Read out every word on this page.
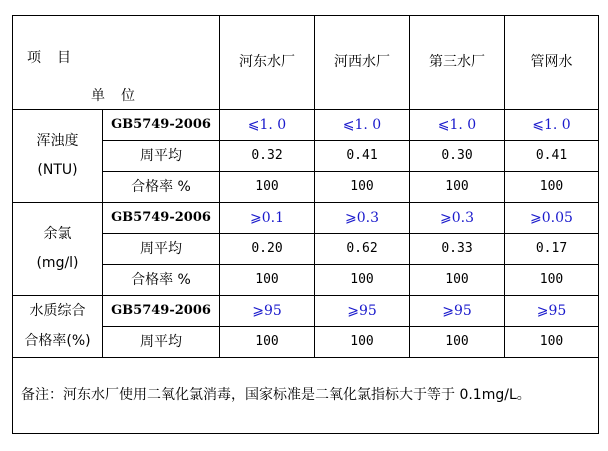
项　目
单　位		河东水厂	河西水厂	第三水厂	管网水
浑浊度
(NTU)	GB5749-2006	⩽1. 0	⩽1. 0	⩽1. 0	⩽1. 0
	周平均	0.32	0.41	0.30	0.41
	合格率 %	100	100	100	100
余氯
(mg/l)	GB5749-2006	⩾0.1	⩾0.3	⩾0.3	⩾0.05
	周平均	0.20	0.62	0.33	0.17
	合格率 %	100	100	100	100
水质综合
合格率(%)	GB5749-2006	⩾95	⩾95	⩾95	⩾95
	周平均	100	100	100	100
备注：河东水厂使用二氧化氯消毒，国家标准是二氧化氯指标大于等于 0.1mg/L。					
